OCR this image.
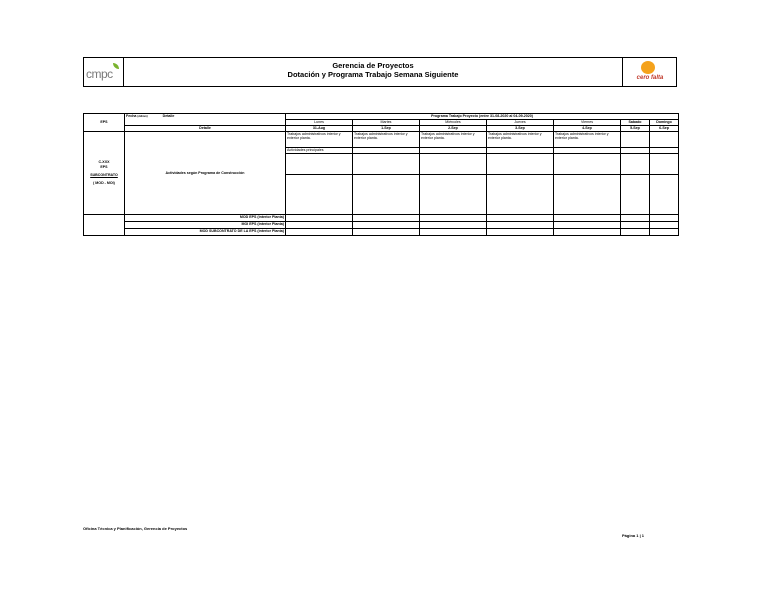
cmpc
Gerencia de Proyectos
Dotación y Programa Trabajo Semana Siguiente	cero falta
EPS	Fecha (dd/mm) Detalle	Programa Trabajo Proyecto (entre 31-08-2020 al 04-09-2020)						
		Lunes	Martes	Miércoles	Jueves	Viernes	Sabado	Domingo
	Detalle	31-Aug	1-Sep	2-Sep	3-Sep	4-Sep	5-Sep	6-Sep

C-XXX
EPS
SUBCONTRATO
( MOD - MOI)	Actividades según Programa de Construcción	Trabajos administrativos interior y exterior planta.	Trabajos administrativos interior y exterior planta.	Trabajos administrativos interior y exterior planta.	Trabajos administrativos interior y exterior planta.	Trabajos administrativos interior y exterior planta.		
		Actividades principales						

	MOD EPS (interior Planta)							
	MOI EPS (interior Planta)							
	MOD SUBCONTRATO DE LA EPS (interior Planta)							
Oficina Técnica y Planificación, Gerencia de Proyectos
Página 1 | 1
